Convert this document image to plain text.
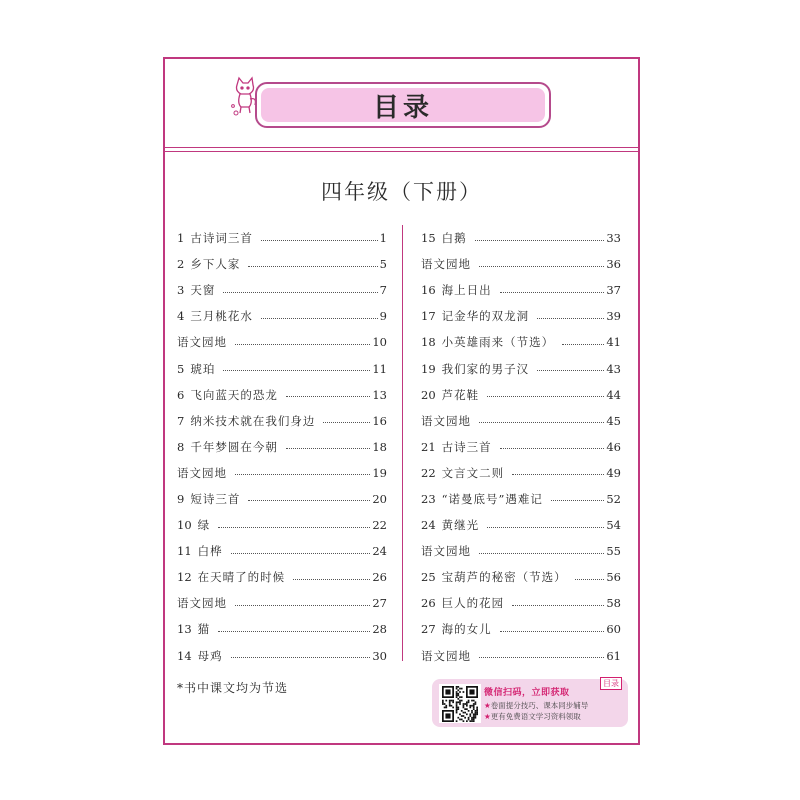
目录
四年级（下册）
1 古诗词三首	1
2 乡下人家	5
3 天窗	7
4 三月桃花水	9
语文园地	10
5 琥珀	11
6 飞向蓝天的恐龙	13
7 纳米技术就在我们身边	16
8 千年梦圆在今朝	18
语文园地	19
9 短诗三首	20
10 绿	22
11 白桦	24
12 在天晴了的时候	26
语文园地	27
13 猫	28
14 母鸡	30
15 白鹅	33
语文园地	36
16 海上日出	37
17 记金华的双龙洞	39
18 小英雄雨来（节选）	41
19 我们家的男子汉	43
20 芦花鞋	44
语文园地	45
21 古诗三首	46
22 文言文二则	49
23 “诺曼底号”遇难记	52
24 黄继光	54
语文园地	55
25 宝葫芦的秘密（节选）	56
26 巨人的花园	58
27 海的女儿	60
语文园地	61
*书中课文均为节选	目录
微信扫码，立即获取
★卷面提分技巧、课本同步辅导
★更有免费语文学习资料领取
